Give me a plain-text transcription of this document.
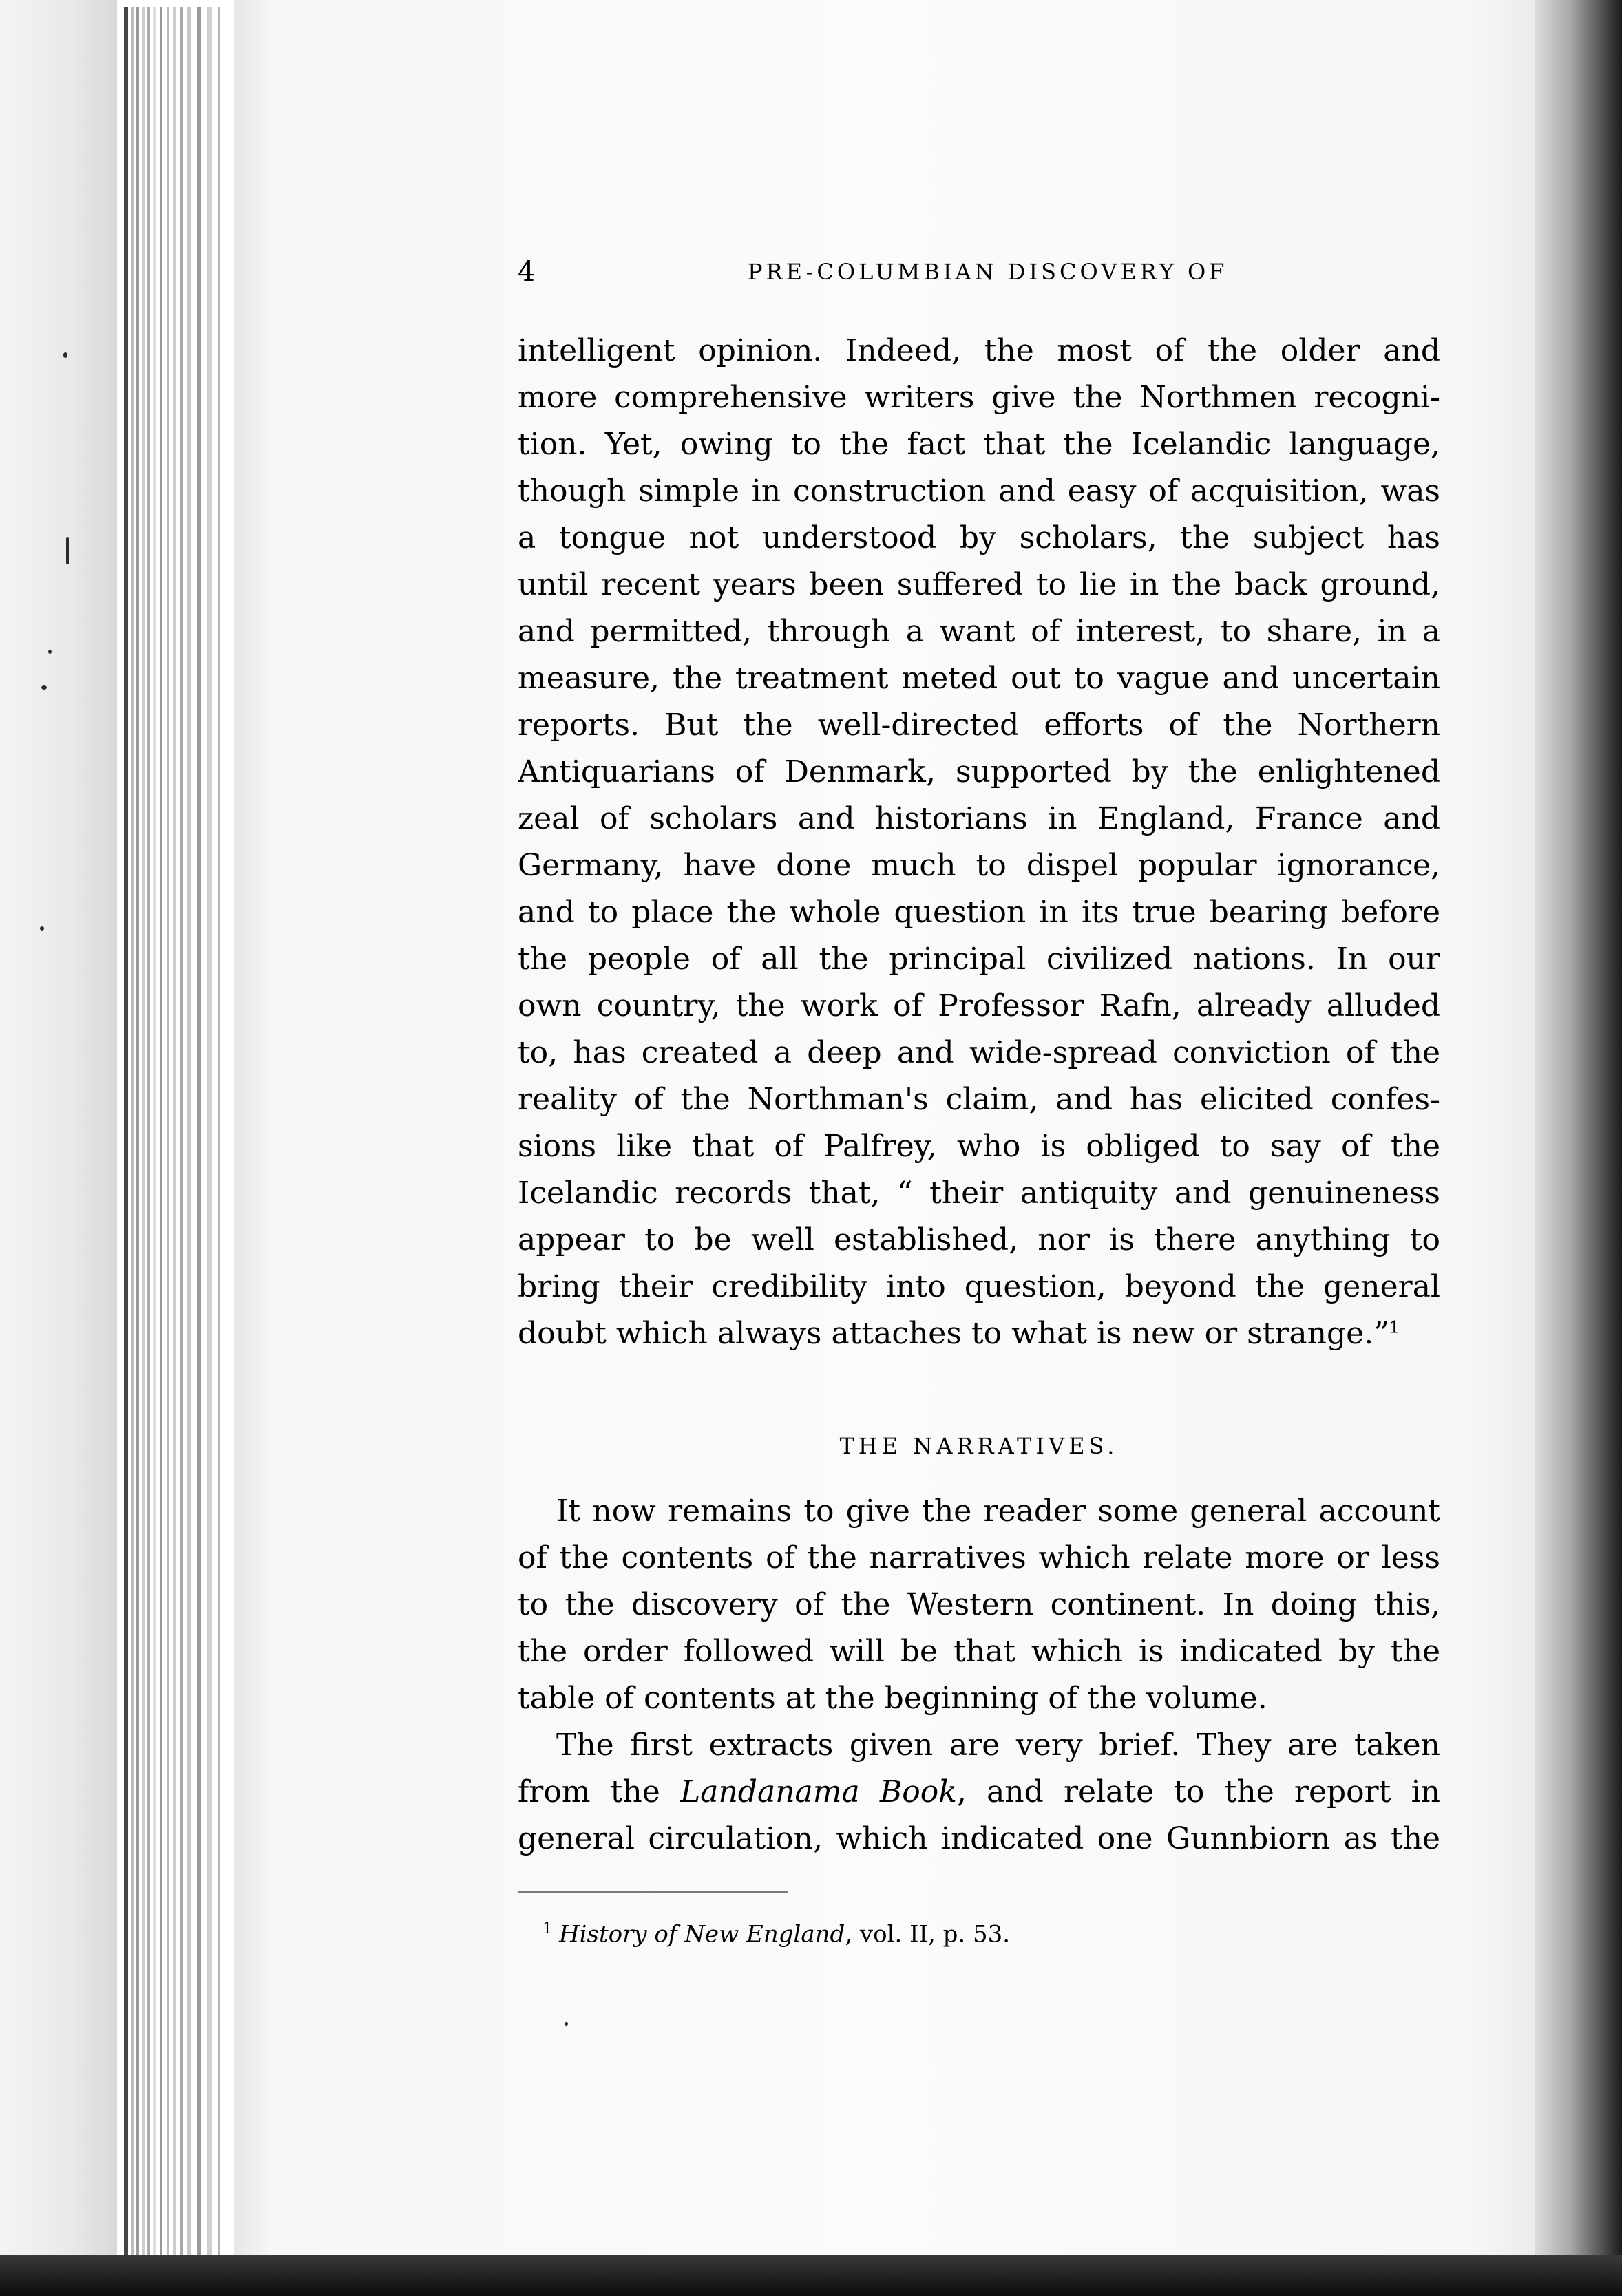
4	PRE-COLUMBIAN DISCOVERY OF
intelligent opinion. Indeed, the most of the older and
more comprehensive writers give the Northmen recogni-
tion. Yet, owing to the fact that the Icelandic language,
though simple in construction and easy of acquisition, was
a tongue not understood by scholars, the subject has
until recent years been suffered to lie in the back ground,
and permitted, through a want of interest, to share, in a
measure, the treatment meted out to vague and uncertain
reports. But the well-directed efforts of the Northern
Antiquarians of Denmark, supported by the enlightened
zeal of scholars and historians in England, France and
Germany, have done much to dispel popular ignorance,
and to place the whole question in its true bearing before
the people of all the principal civilized nations. In our
own country, the work of Professor Rafn, already alluded
to, has created a deep and wide-spread conviction of the
reality of the Northman's claim, and has elicited confes-
sions like that of Palfrey, who is obliged to say of the
Icelandic records that, “ their antiquity and genuineness
appear to be well established, nor is there anything to
bring their credibility into question, beyond the general
doubt which always attaches to what is new or strange.”$^1$
THE NARRATIVES.
It now remains to give the reader some general account
of the contents of the narratives which relate more or less
to the discovery of the Western continent. In doing this,
the order followed will be that which is indicated by the
table of contents at the beginning of the volume.
The first extracts given are very brief. They are taken
from the Landanama Book, and relate to the report in
general circulation, which indicated one Gunnbiorn as the
$^1$ History of New England, vol. II, p. 53.
